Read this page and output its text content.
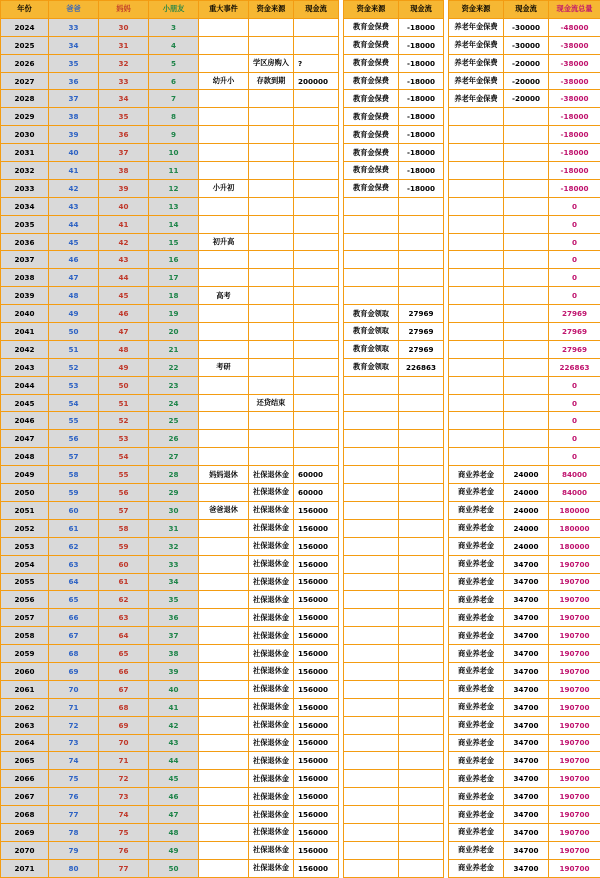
年份	爸爸	妈妈	小朋友	重大事件	资金来源	现金流		资金来源	现金流		资金来源	现金流	现金流总量
2024	33	30	3					教育金保费	-18000		养老年金保费	-30000	-48000
2025	34	31	4					教育金保费	-18000		养老年金保费	-30000	-38000
2026	35	32	5		学区房购入	?		教育金保费	-18000		养老年金保费	-20000	-38000
2027	36	33	6	幼升小	存款到期	200000		教育金保费	-18000		养老年金保费	-20000	-38000
2028	37	34	7					教育金保费	-18000		养老年金保费	-20000	-38000
2029	38	35	8					教育金保费	-18000				-18000
2030	39	36	9					教育金保费	-18000				-18000
2031	40	37	10					教育金保费	-18000				-18000
2032	41	38	11					教育金保费	-18000				-18000
2033	42	39	12	小升初				教育金保费	-18000				-18000
2034	43	40	13										0
2035	44	41	14										0
2036	45	42	15	初升高									0
2037	46	43	16										0
2038	47	44	17										0
2039	48	45	18	高考									0
2040	49	46	19					教育金领取	27969				27969
2041	50	47	20					教育金领取	27969				27969
2042	51	48	21					教育金领取	27969				27969
2043	52	49	22	考研				教育金领取	226863				226863
2044	53	50	23										0
2045	54	51	24		还贷结束								0
2046	55	52	25										0
2047	56	53	26										0
2048	57	54	27										0
2049	58	55	28	妈妈退休	社保退休金	60000					商业养老金	24000	84000
2050	59	56	29		社保退休金	60000					商业养老金	24000	84000
2051	60	57	30	爸爸退休	社保退休金	156000					商业养老金	24000	180000
2052	61	58	31		社保退休金	156000					商业养老金	24000	180000
2053	62	59	32		社保退休金	156000					商业养老金	24000	180000
2054	63	60	33		社保退休金	156000					商业养老金	34700	190700
2055	64	61	34		社保退休金	156000					商业养老金	34700	190700
2056	65	62	35		社保退休金	156000					商业养老金	34700	190700
2057	66	63	36		社保退休金	156000					商业养老金	34700	190700
2058	67	64	37		社保退休金	156000					商业养老金	34700	190700
2059	68	65	38		社保退休金	156000					商业养老金	34700	190700
2060	69	66	39		社保退休金	156000					商业养老金	34700	190700
2061	70	67	40		社保退休金	156000					商业养老金	34700	190700
2062	71	68	41		社保退休金	156000					商业养老金	34700	190700
2063	72	69	42		社保退休金	156000					商业养老金	34700	190700
2064	73	70	43		社保退休金	156000					商业养老金	34700	190700
2065	74	71	44		社保退休金	156000					商业养老金	34700	190700
2066	75	72	45		社保退休金	156000					商业养老金	34700	190700
2067	76	73	46		社保退休金	156000					商业养老金	34700	190700
2068	77	74	47		社保退休金	156000					商业养老金	34700	190700
2069	78	75	48		社保退休金	156000					商业养老金	34700	190700
2070	79	76	49		社保退休金	156000					商业养老金	34700	190700
2071	80	77	50		社保退休金	156000					商业养老金	34700	190700
